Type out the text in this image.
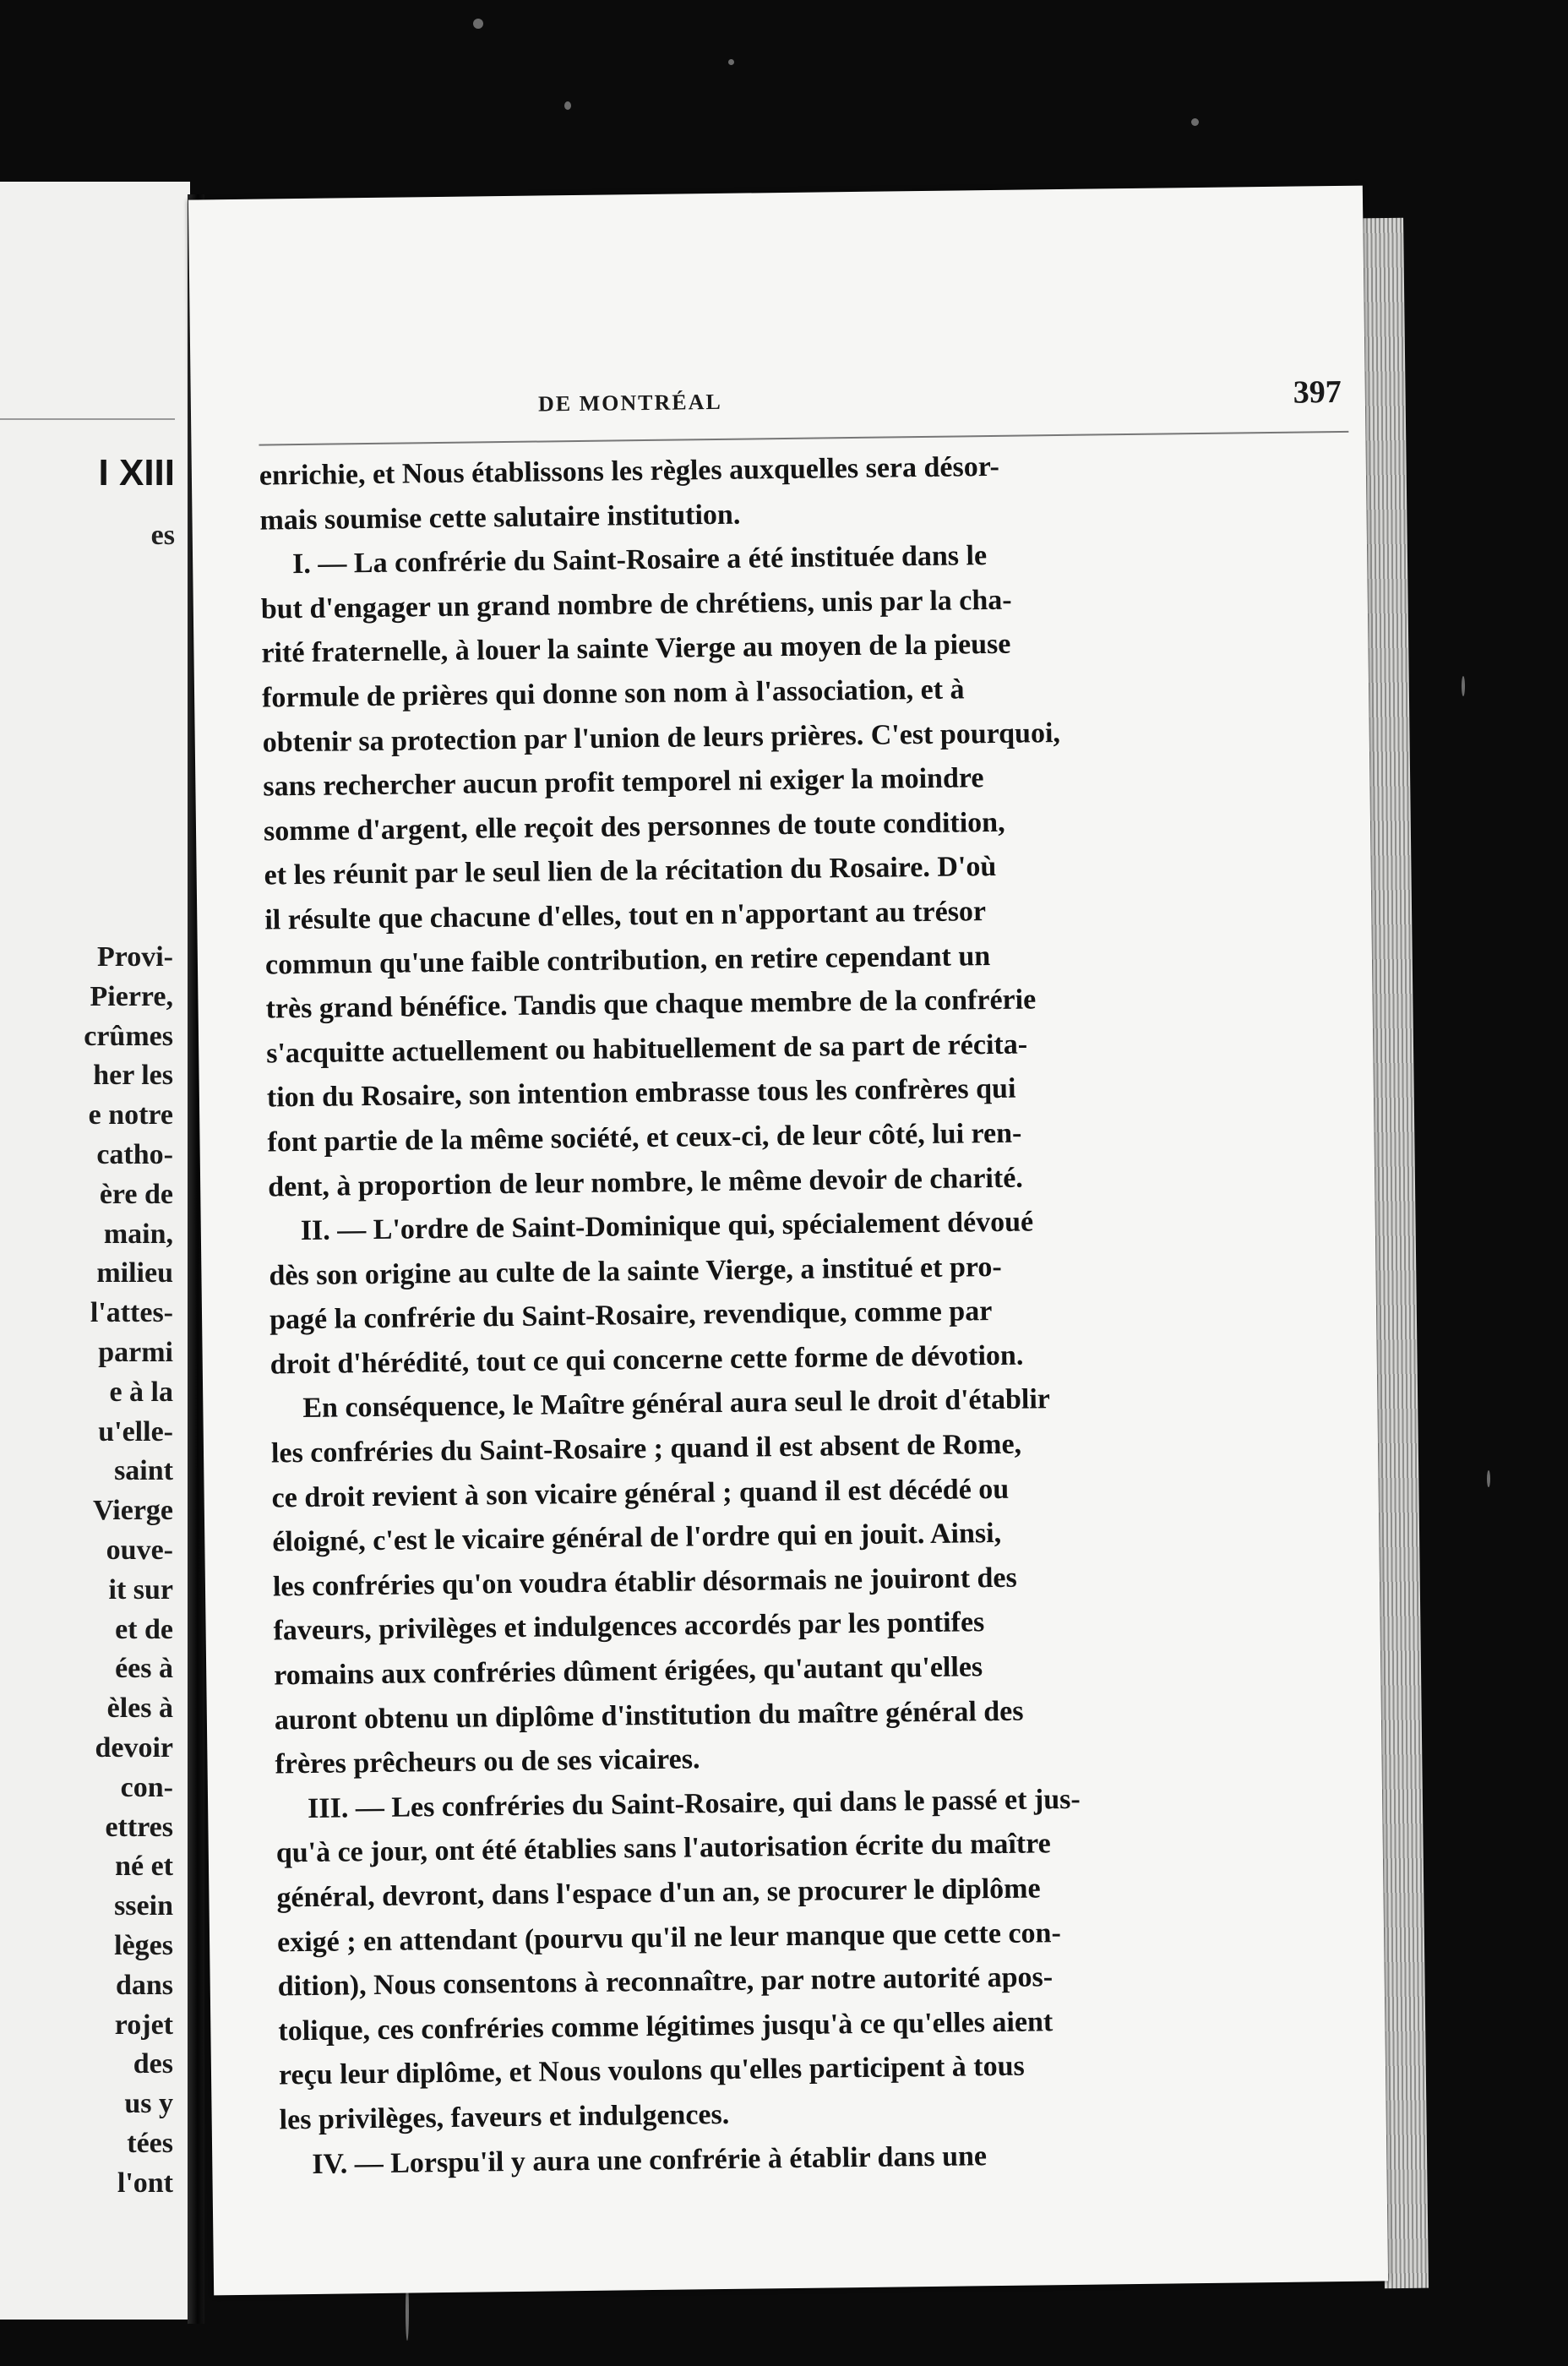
I XIII
es
Provi-
Pierre,
crûmes
her les
e notre
catho-
ère de
main,
milieu
l'attes-
parmi
e à la
u'elle-
saint
Vierge
ouve-
it sur
et de
ées à
èles à
devoir
con-
ettres
né et
ssein
lèges
dans
rojet
des
us y
tées
l'ont
DE MONTRÉAL	397
enrichie, et Nous établissons les règles auxquelles sera désor-
mais soumise cette salutaire institution.
I. — La confrérie du Saint-Rosaire a été instituée dans le
but d'engager un grand nombre de chrétiens, unis par la cha-
rité fraternelle, à louer la sainte Vierge au moyen de la pieuse
formule de prières qui donne son nom à l'association, et à
obtenir sa protection par l'union de leurs prières. C'est pourquoi,
sans rechercher aucun profit temporel ni exiger la moindre
somme d'argent, elle reçoit des personnes de toute condition,
et les réunit par le seul lien de la récitation du Rosaire. D'où
il résulte que chacune d'elles, tout en n'apportant au trésor
commun qu'une faible contribution, en retire cependant un
très grand bénéfice. Tandis que chaque membre de la confrérie
s'acquitte actuellement ou habituellement de sa part de récita-
tion du Rosaire, son intention embrasse tous les confrères qui
font partie de la même société, et ceux-ci, de leur côté, lui ren-
dent, à proportion de leur nombre, le même devoir de charité.
II. — L'ordre de Saint-Dominique qui, spécialement dévoué
dès son origine au culte de la sainte Vierge, a institué et pro-
pagé la confrérie du Saint-Rosaire, revendique, comme par
droit d'hérédité, tout ce qui concerne cette forme de dévotion.
En conséquence, le Maître général aura seul le droit d'établir
les confréries du Saint-Rosaire ; quand il est absent de Rome,
ce droit revient à son vicaire général ; quand il est décédé ou
éloigné, c'est le vicaire général de l'ordre qui en jouit. Ainsi,
les confréries qu'on voudra établir désormais ne jouiront des
faveurs, privilèges et indulgences accordés par les pontifes
romains aux confréries dûment érigées, qu'autant qu'elles
auront obtenu un diplôme d'institution du maître général des
frères prêcheurs ou de ses vicaires.
III. — Les confréries du Saint-Rosaire, qui dans le passé et jus-
qu'à ce jour, ont été établies sans l'autorisation écrite du maître
général, devront, dans l'espace d'un an, se procurer le diplôme
exigé ; en attendant (pourvu qu'il ne leur manque que cette con-
dition), Nous consentons à reconnaître, par notre autorité apos-
tolique, ces confréries comme légitimes jusqu'à ce qu'elles aient
reçu leur diplôme, et Nous voulons qu'elles participent à tous
les privilèges, faveurs et indulgences.
IV. — Lorspu'il y aura une confrérie à établir dans une
